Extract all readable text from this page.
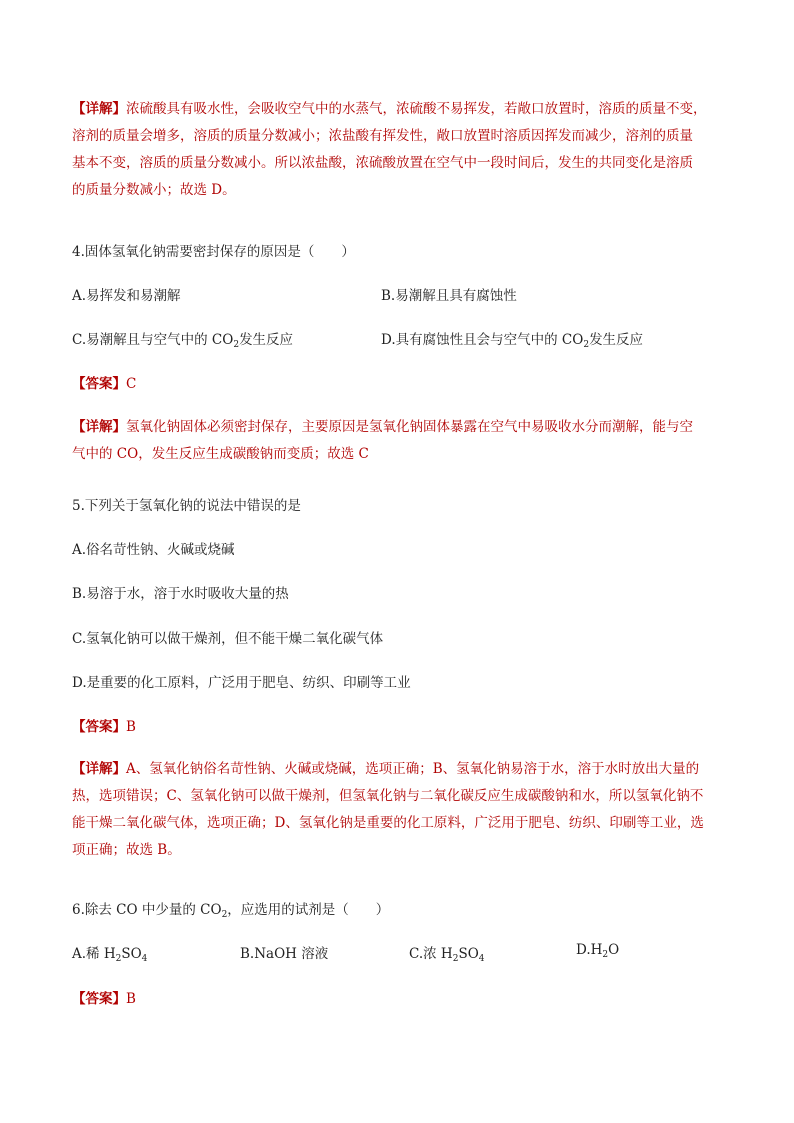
【详解】浓硫酸具有吸水性，会吸收空气中的水蒸气，浓硫酸不易挥发，若敞口放置时，溶质的质量不变，

溶剂的质量会增多，溶质的质量分数减小；浓盐酸有挥发性，敞口放置时溶质因挥发而减少，溶剂的质量

基本不变，溶质的质量分数减小。所以浓盐酸，浓硫酸放置在空气中一段时间后，发生的共同变化是溶质

的质量分数减小；故选 D。

4.固体氢氧化钠需要密封保存的原因是（　　）
A.易挥发和易潮解	B.易潮解且具有腐蚀性
C.易潮解且与空气中的 $CO_2$发生反应	D.具有腐蚀性且会与空气中的 $CO_2$发生反应
【答案】C

【详解】氢氧化钠固体必须密封保存，主要原因是氢氧化钠固体暴露在空气中易吸收水分而潮解，能与空

气中的 CO，发生反应生成碳酸钠而变质；故选 C

5.下列关于氢氧化钠的说法中错误的是
A.俗名苛性钠、火碱或烧碱
B.易溶于水，溶于水时吸收大量的热
C.氢氧化钠可以做干燥剂，但不能干燥二氧化碳气体
D.是重要的化工原料，广泛用于肥皂、纺织、印刷等工业
【答案】B

【详解】A、氢氧化钠俗名苛性钠、火碱或烧碱，选项正确；B、氢氧化钠易溶于水，溶于水时放出大量的

热，选项错误；C、氢氧化钠可以做干燥剂，但氢氧化钠与二氧化碳反应生成碳酸钠和水，所以氢氧化钠不

能干燥二氧化碳气体，选项正确；D、氢氧化钠是重要的化工原料，广泛用于肥皂、纺织、印刷等工业，选

项正确；故选 B。

6.除去 CO 中少量的 $CO_2$，应选用的试剂是（　　）
A.稀 $H_2SO_4$	B.NaOH 溶液	C.浓 $H_2SO_4$
$D.H_2O$
【答案】B
